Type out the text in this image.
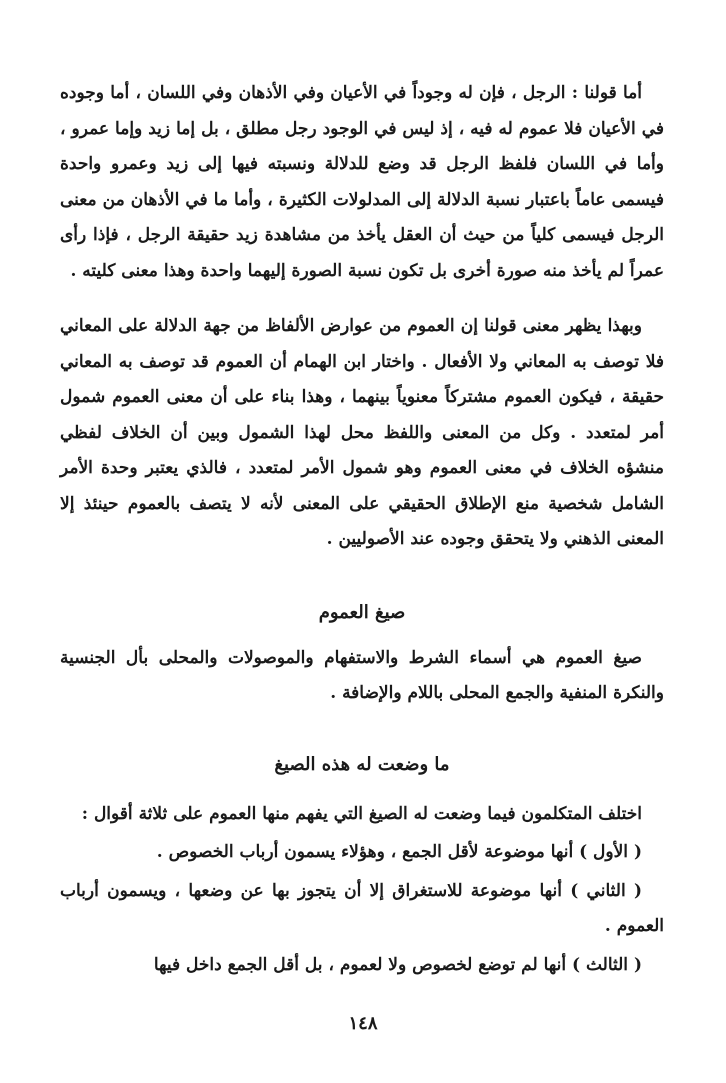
أما قولنا : الرجل ، فإن له وجوداً في الأعيان وفي الأذهان وفي اللسان ، أما وجوده في الأعيان فلا عموم له فيه ، إذ ليس في الوجود رجل مطلق ، بل إما زيد وإما عمرو ، وأما في اللسان فلفظ الرجل قد وضع للدلالة ونسبته فيها إلى زيد وعمرو واحدة فيسمى عاماً باعتبار نسبة الدلالة إلى المدلولات الكثيرة ، وأما ما في الأذهان من معنى الرجل فيسمى كلياً من حيث أن العقل يأخذ من مشاهدة زيد حقيقة الرجل ، فإذا رأى عمراً لم يأخذ منه صورة أخرى بل تكون نسبة الصورة إليهما واحدة وهذا معنى كليته .

وبهذا يظهر معنى قولنا إن العموم من عوارض الألفاظ من جهة الدلالة على المعاني فلا توصف به المعاني ولا الأفعال . واختار ابن الهمام أن العموم قد توصف به المعاني حقيقة ، فيكون العموم مشتركاً معنوياً بينهما ، وهذا بناء على أن معنى العموم شمول أمر لمتعدد . وكل من المعنى واللفظ محل لهذا الشمول وبين أن الخلاف لفظي منشؤه الخلاف في معنى العموم وهو شمول الأمر لمتعدد ، فالذي يعتبر وحدة الأمر الشامل شخصية منع الإطلاق الحقيقي على المعنى لأنه لا يتصف بالعموم حينئذ إلا المعنى الذهني ولا يتحقق وجوده عند الأصوليين .

صيغ العموم

صيغ العموم هي أسماء الشرط والاستفهام والموصولات والمحلى بأل الجنسية والنكرة المنفية والجمع المحلى باللام والإضافة .

ما وضعت له هذه الصيغ

اختلف المتكلمون فيما وضعت له الصيغ التي يفهم منها العموم على ثلاثة أقوال :

( الأول ) أنها موضوعة لأقل الجمع ، وهؤلاء يسمون أرباب الخصوص .

( الثاني ) أنها موضوعة للاستغراق إلا أن يتجوز بها عن وضعها ، ويسمون أرباب العموم .

( الثالث ) أنها لم توضع لخصوص ولا لعموم ، بل أقل الجمع داخل فيها

١٤٨
